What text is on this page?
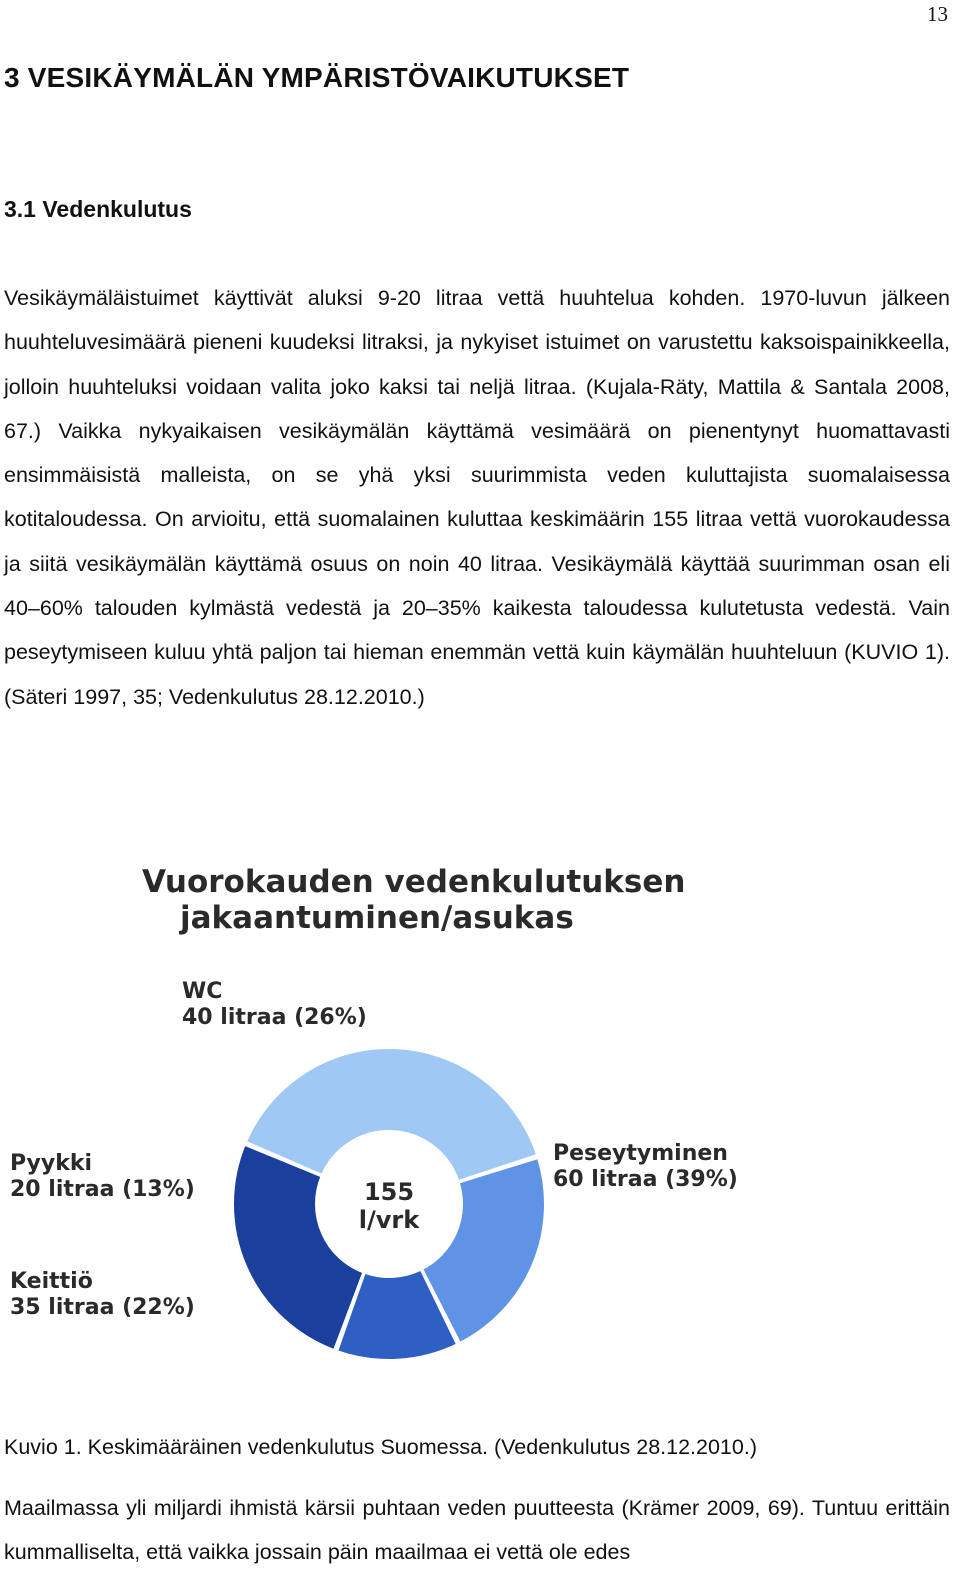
13
3 VESIKÄYMÄLÄN YMPÄRISTÖVAIKUTUKSET
3.1 Vedenkulutus

Vesikäymäläistuimet käyttivät aluksi 9-20 litraa vettä huuhtelua kohden. 1970-luvun jälkeen huuhteluvesimäärä pieneni kuudeksi litraksi, ja nykyiset istuimet on varustettu kaksoispainikkeella, jolloin huuhteluksi voidaan valita joko kaksi tai neljä litraa. (Kujala-Räty, Mattila & Santala 2008, 67.) Vaikka nykyaikaisen vesikäymälän käyttämä vesimäärä on pienentynyt huomattavasti ensimmäisistä malleista, on se yhä yksi suurimmista veden kuluttajista suomalaisessa kotitaloudessa. On arvioitu, että suomalainen kuluttaa keskimäärin 155 litraa vettä vuorokaudessa ja siitä vesikäymälän käyttämä osuus on noin 40 litraa. Vesikäymälä käyttää suurimman osan eli 40–60% talouden kylmästä vedestä ja 20–35% kaikesta taloudessa kulutetusta vedestä. Vain peseytymiseen kuluu yhtä paljon tai hieman enemmän vettä kuin käymälän huuhteluun (KUVIO 1). (Säteri 1997, 35; Vedenkulutus 28.12.2010.)

Vuorokauden vedenkulutuksen
jakaantuminen/asukas
WC
40 litraa (26%)
Peseytyminen
60 litraa (39%)
Keittiö
35 litraa (22%)
Pyykki
20 litraa (13%)	155
l/vrk

Kuvio 1. Keskimääräinen vedenkulutus Suomessa. (Vedenkulutus 28.12.2010.)

Maailmassa yli miljardi ihmistä kärsii puhtaan veden puutteesta (Krämer 2009, 69). Tuntuu erittäin kummalliselta, että vaikka jossain päin maailmaa ei vettä ole edes
